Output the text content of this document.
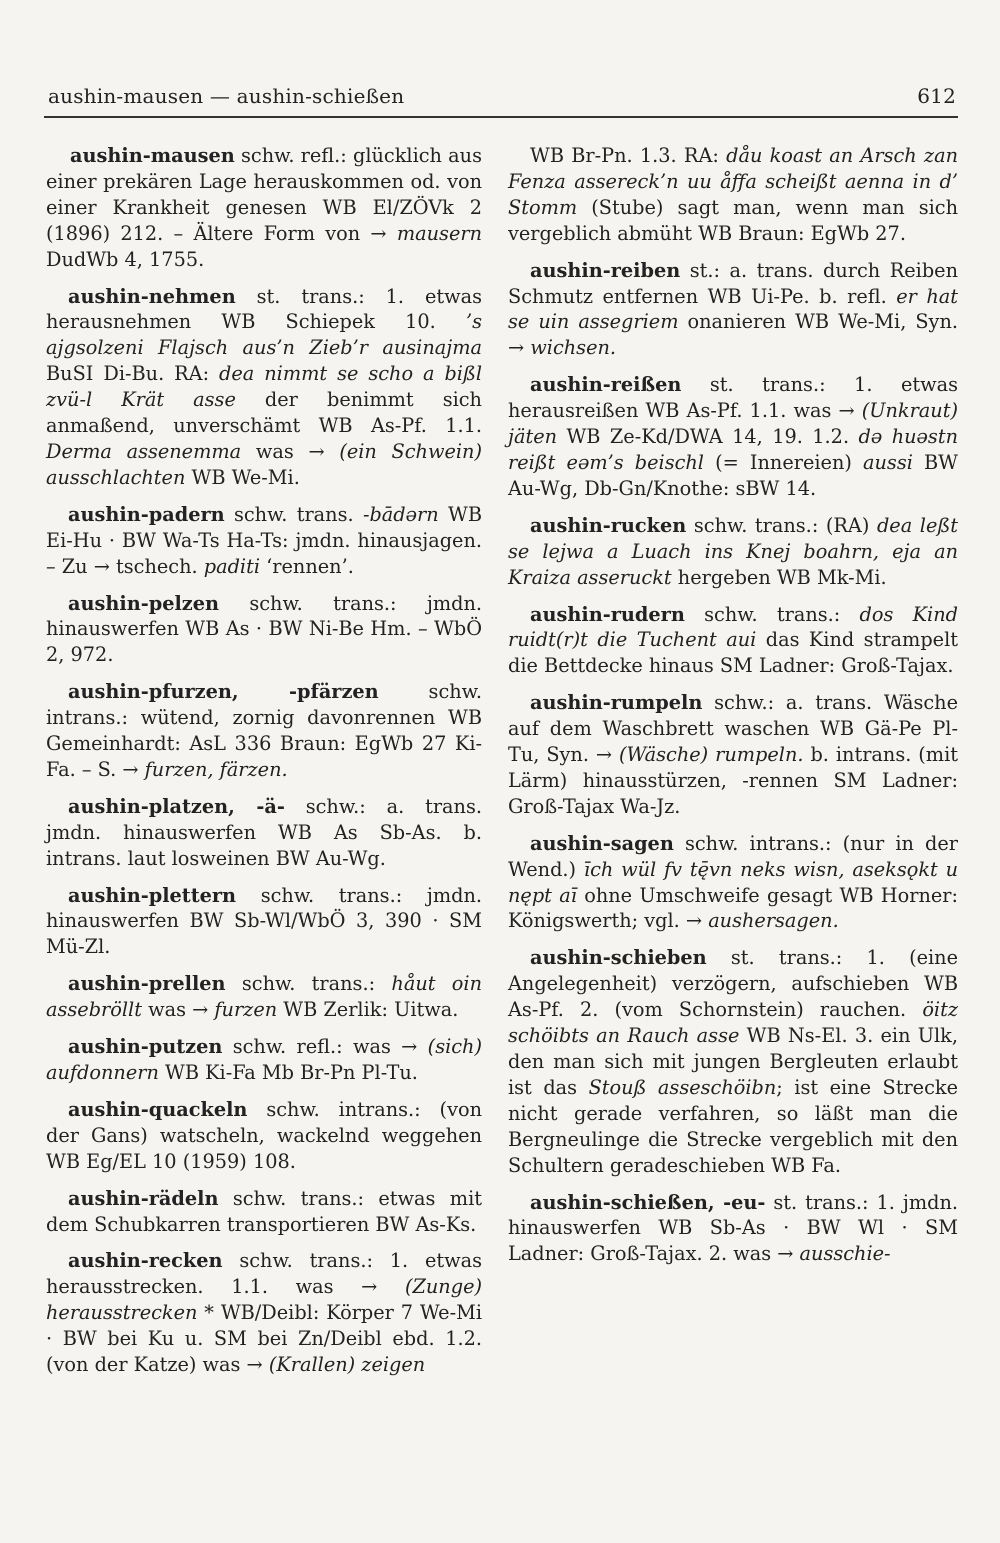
aushin-mausen — aushin-schießen	612

aushin-mausen schw. refl.: glücklich aus einer prekären Lage herauskommen od. von einer Krankheit genesen WB El/ZÖVk 2 (1896) 212. – Ältere Form von → mausern DudWb 4, 1755.

aushin-nehmen st. trans.: 1. etwas herausnehmen WB Schiepek 10. ’s ajgsolzeni Flajsch aus’n Zieb’r ausinajma BuSI Di-Bu. RA: dea nimmt se scho a bißl zvü-l Krät asse der benimmt sich anmaßend, unverschämt WB As-Pf. 1.1. Derma assenemma was → (ein Schwein) ausschlachten WB We-Mi.

aushin-padern schw. trans. -bādərn WB Ei-Hu · BW Wa-Ts Ha-Ts: jmdn. hinausjagen. – Zu → tschech. paditi ‘rennen’.

aushin-pelzen schw. trans.: jmdn. hinauswerfen WB As · BW Ni-Be Hm. – WbÖ 2, 972.

aushin-pfurzen, -pfärzen schw. intrans.: wütend, zornig davonrennen WB Gemeinhardt: AsL 336 Braun: EgWb 27 Ki-Fa. – S. → furzen, färzen.

aushin-platzen, -ä- schw.: a. trans. jmdn. hinauswerfen WB As Sb-As. b. intrans. laut losweinen BW Au-Wg.

aushin-plettern schw. trans.: jmdn. hinauswerfen BW Sb-Wl/WbÖ 3, 390 · SM Mü-Zl.

aushin-prellen schw. trans.: håut oin assebröllt was → furzen WB Zerlik: Uitwa.

aushin-putzen schw. refl.: was → (sich) aufdonnern WB Ki-Fa Mb Br-Pn Pl-Tu.

aushin-quackeln schw. intrans.: (von der Gans) watscheln, wackelnd weggehen WB Eg/EL 10 (1959) 108.

aushin-rädeln schw. trans.: etwas mit dem Schubkarren transportieren BW As-Ks.

aushin-recken schw. trans.: 1. etwas herausstrecken. 1.1. was → (Zunge) herausstrecken * WB/Deibl: Körper 7 We-Mi · BW bei Ku u. SM bei Zn/Deibl ebd. 1.2. (von der Katze) was → (Krallen) zeigen

WB Br-Pn. 1.3. RA: dåu koast an Arsch zan Fenza assereck’n uu åffa scheißt aenna in d’ Stomm (Stube) sagt man, wenn man sich vergeblich abmüht WB Braun: EgWb 27.

aushin-reiben st.: a. trans. durch Reiben Schmutz entfernen WB Ui-Pe. b. refl. er hat se uin assegriem onanieren WB We-Mi, Syn. → wichsen.

aushin-reißen st. trans.: 1. etwas herausreißen WB As-Pf. 1.1. was → (Unkraut) jäten WB Ze-Kd/DWA 14, 19. 1.2. də huəstn reißt eəm’s beischl (= Innereien) aussi BW Au-Wg, Db-Gn/Knothe: sBW 14.

aushin-rucken schw. trans.: (RA) dea leßt se lejwa a Luach ins Knej boahrn, eja an Kraiza asseruckt hergeben WB Mk-Mi.

aushin-rudern schw. trans.: dos Kind ruidt(r)t die Tuchent aui das Kind strampelt die Bettdecke hinaus SM Ladner: Groß-Tajax.

aushin-rumpeln schw.: a. trans. Wäsche auf dem Waschbrett waschen WB Gä-Pe Pl-Tu, Syn. → (Wäsche) rumpeln. b. intrans. (mit Lärm) hinausstürzen, -rennen SM Ladner: Groß-Tajax Wa-Jz.

aushin-sagen schw. intrans.: (nur in der Wend.) īch wül fv tę̄vn neks wisn, aseksǫkt u nępt aī ohne Umschweife gesagt WB Horner: Königswerth; vgl. → aushersagen.

aushin-schieben st. trans.: 1. (eine Angelegenheit) verzögern, aufschieben WB As-Pf. 2. (vom Schornstein) rauchen. öitz schöibts an Rauch asse WB Ns-El. 3. ein Ulk, den man sich mit jungen Bergleuten erlaubt ist das Stouß asseschöibn; ist eine Strecke nicht gerade verfahren, so läßt man die Bergneulinge die Strecke vergeblich mit den Schultern geradeschieben WB Fa.

aushin-schießen, -eu- st. trans.: 1. jmdn. hinauswerfen WB Sb-As · BW Wl · SM Ladner: Groß-Tajax. 2. was → ausschie-
